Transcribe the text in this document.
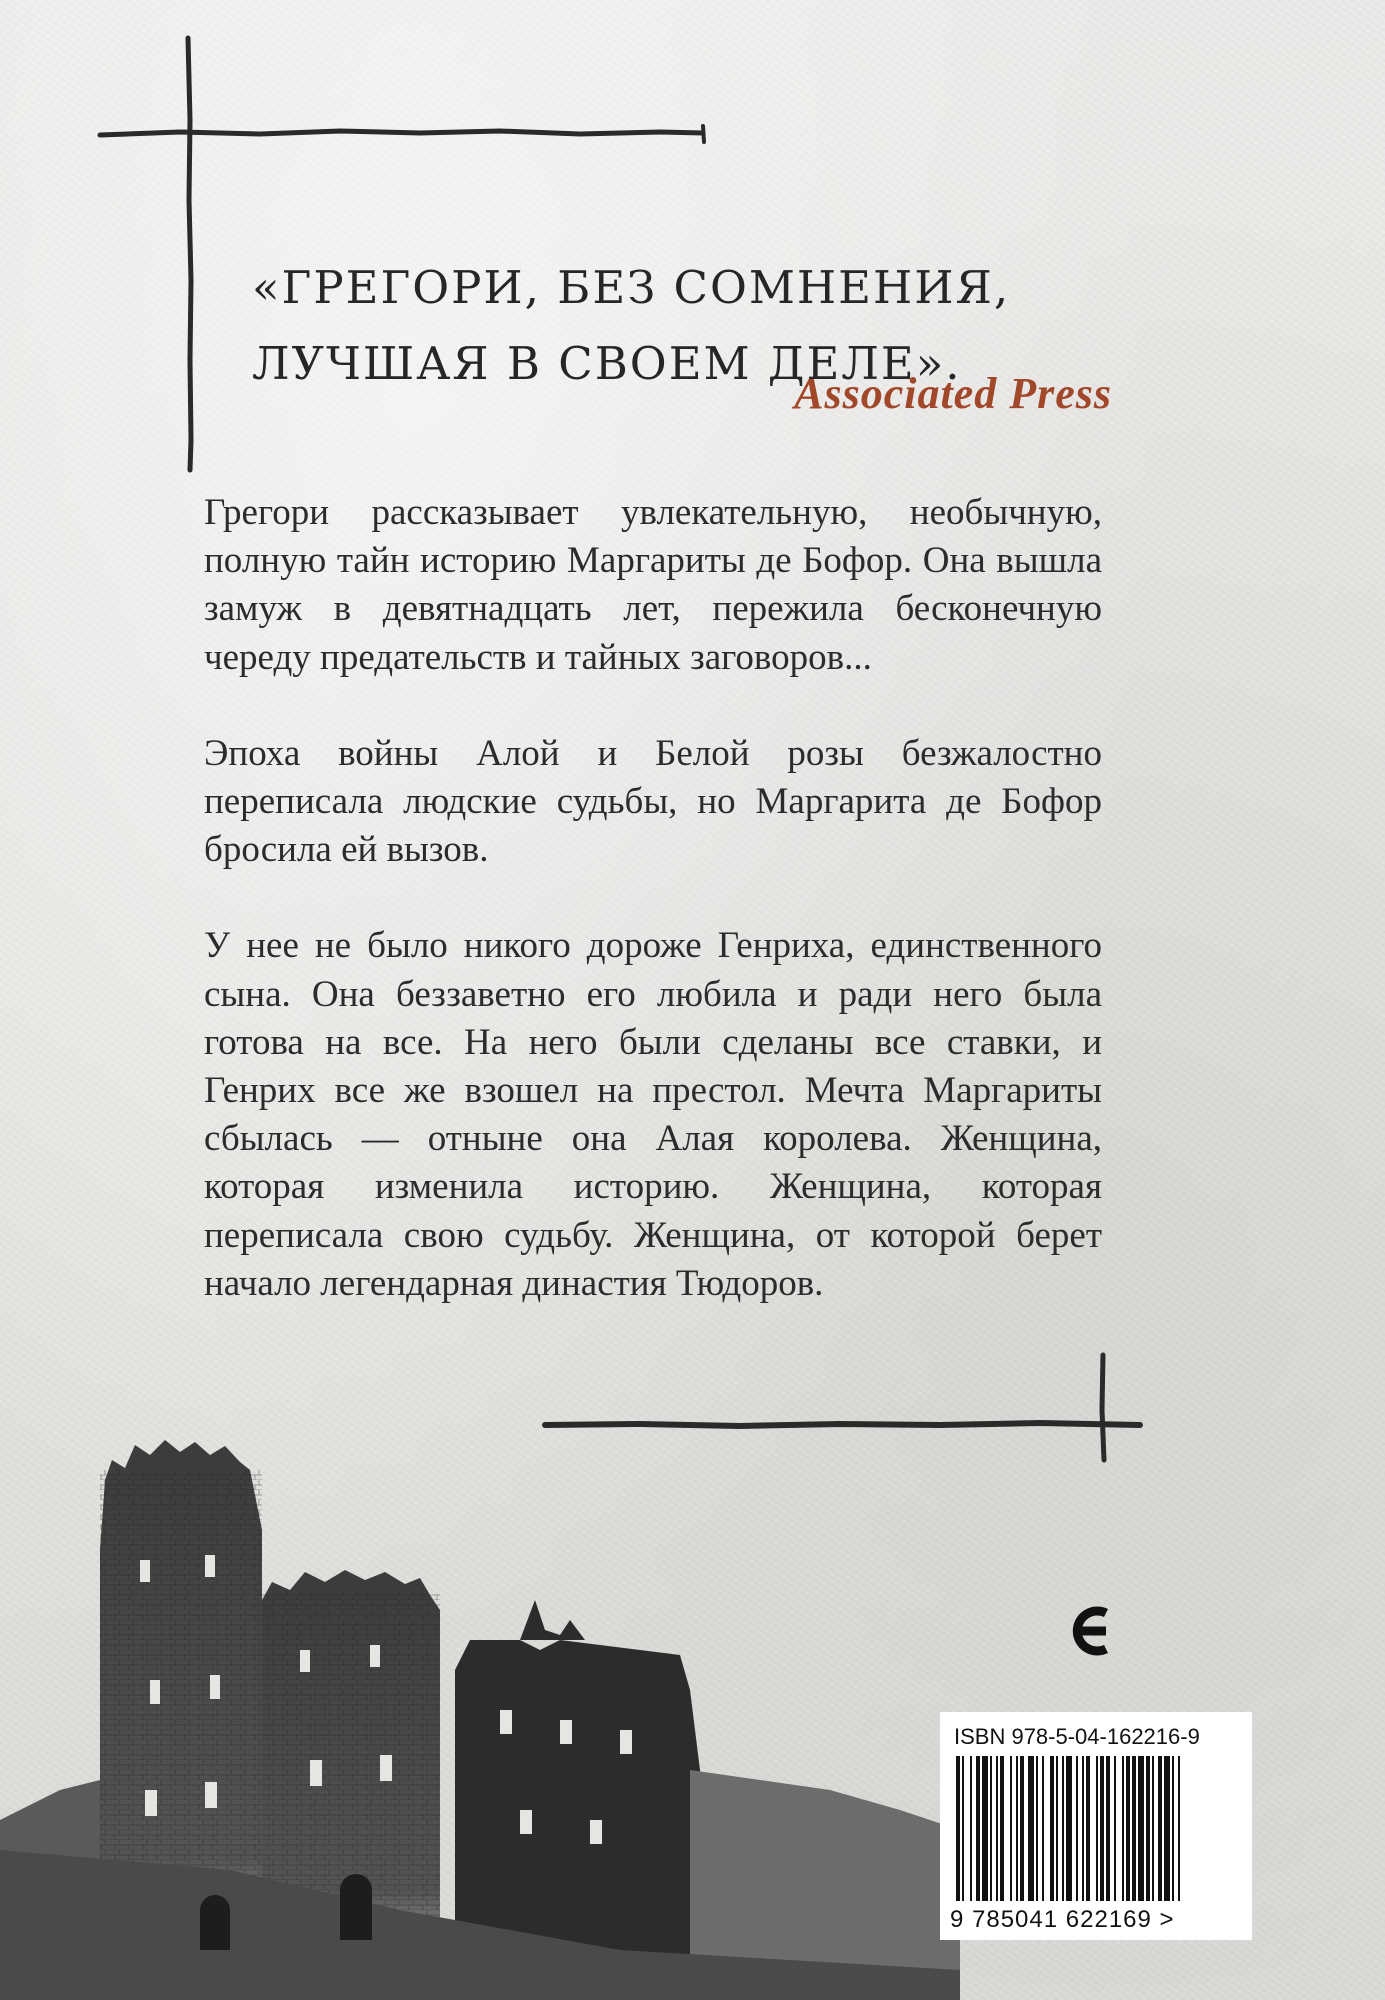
«ГРЕГОРИ, БЕЗ СОМНЕНИЯ,
ЛУЧШАЯ В СВОЕМ ДЕЛЕ».
Associated Press

Грегори рассказывает увлекательную, необычную, полную тайн историю Маргариты де Бофор. Она вышла замуж в девятнадцать лет, пережила бесконечную череду предательств и тайных заговоров...

Эпоха войны Алой и Белой розы безжалостно переписала людские судьбы, но Маргарита де Бофор бросила ей вызов.

У нее не было никого дороже Генриха, единственного сына. Она беззаветно его любила и ради него была готова на все. На него были сделаны все ставки, и Генрих все же взошел на престол. Мечта Маргариты сбылась — отныне она Алая королева. Женщина, которая изменила историю. Женщина, которая переписала свою судьбу. Женщина, от которой берет начало легендарная династия Тюдоров.

ISBN 978-5-04-162216-9
9 785041 622169 >
